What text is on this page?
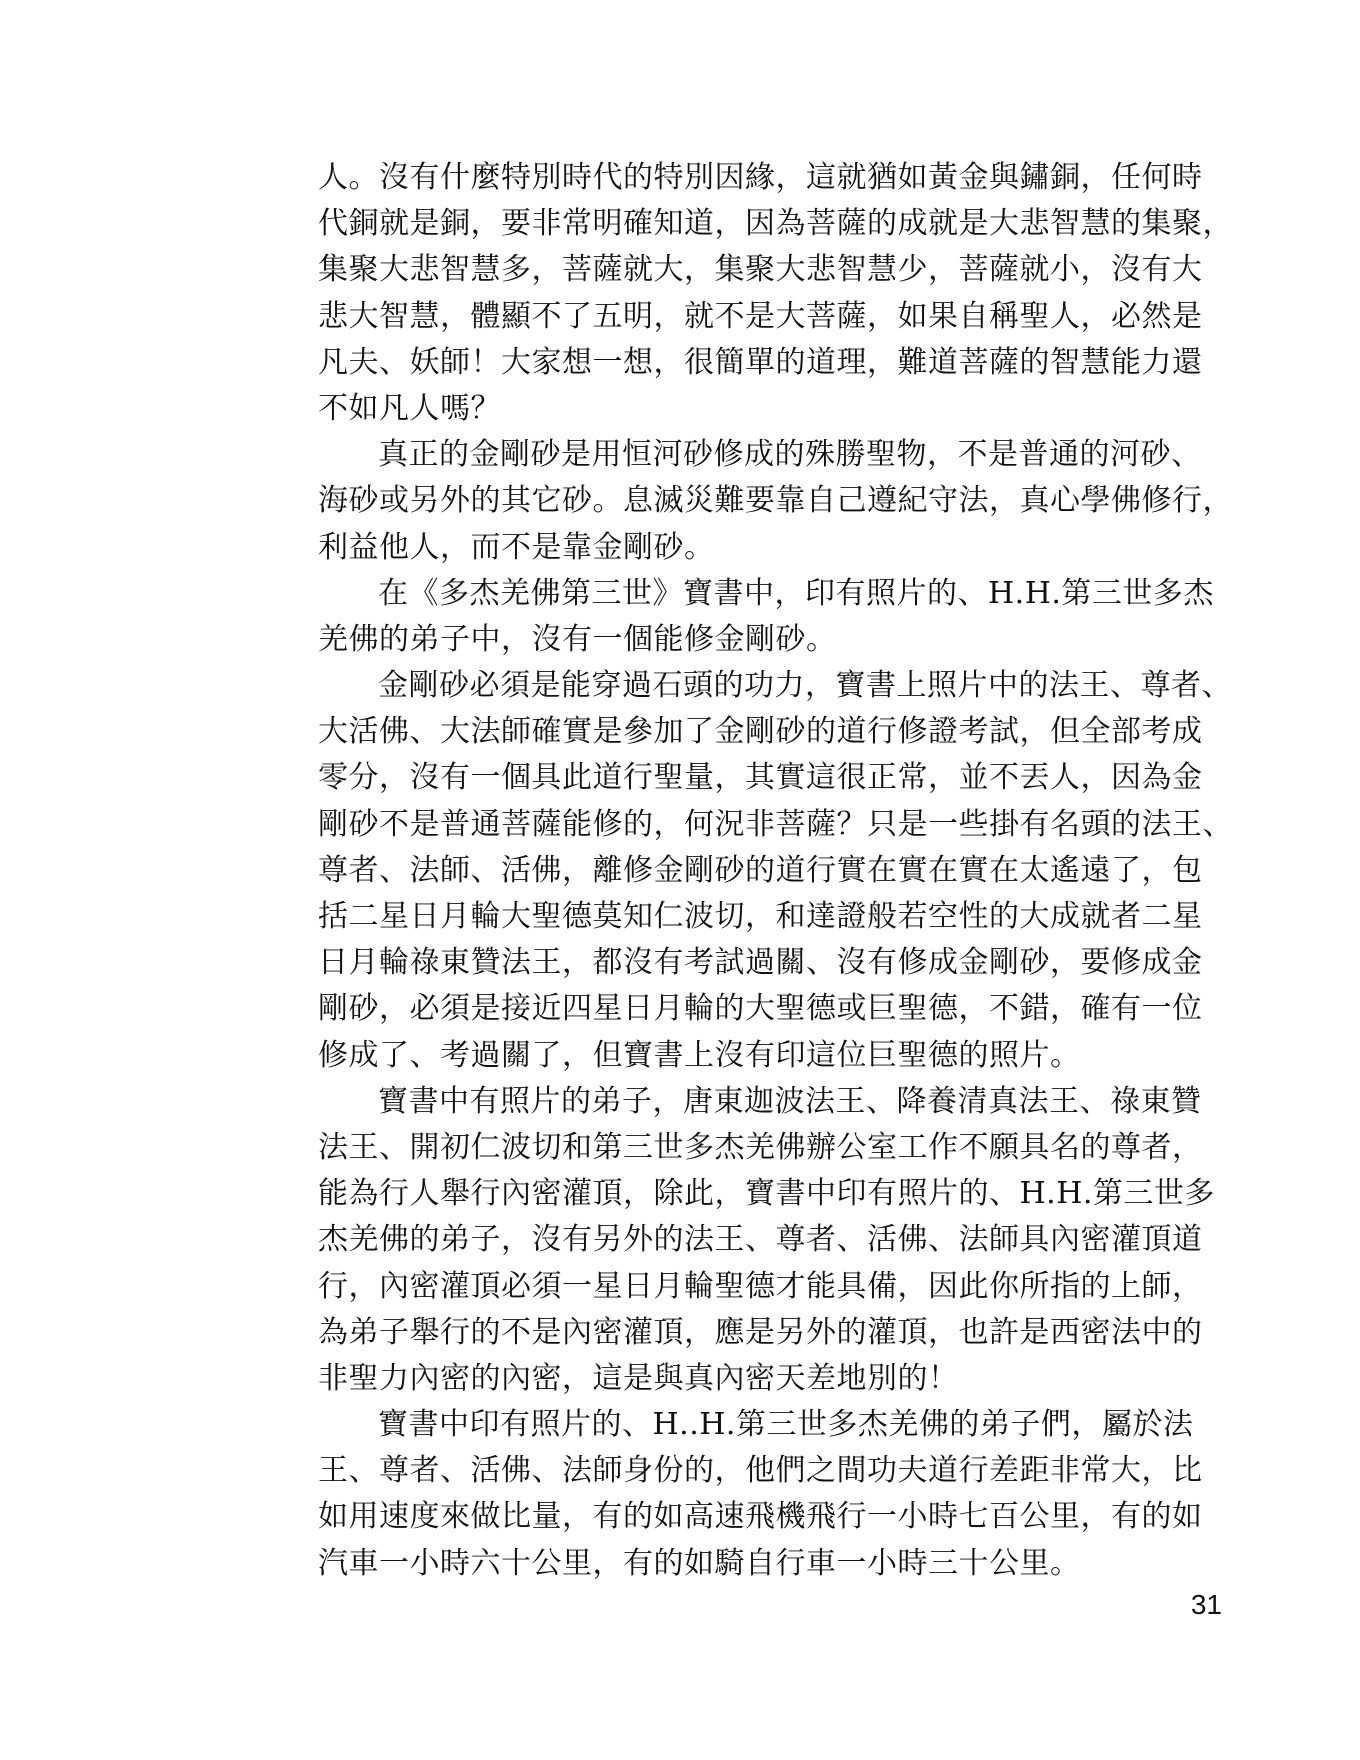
人。沒有什麼特別時代的特別因緣，這就猶如黃金與鏽銅，任何時
代銅就是銅，要非常明確知道，因為菩薩的成就是大悲智慧的集聚，
集聚大悲智慧多，菩薩就大，集聚大悲智慧少，菩薩就小，沒有大
悲大智慧，體顯不了五明，就不是大菩薩，如果自稱聖人，必然是
凡夫、妖師！大家想一想，很簡單的道理，難道菩薩的智慧能力還
不如凡人嗎？
真正的金剛砂是用恒河砂修成的殊勝聖物，不是普通的河砂、
海砂或另外的其它砂。息滅災難要靠自己遵紀守法，真心學佛修行，
利益他人，而不是靠金剛砂。
在《多杰羌佛第三世》寶書中，印有照片的、H.H.第三世多杰
羌佛的弟子中，沒有一個能修金剛砂。
金剛砂必須是能穿過石頭的功力，寶書上照片中的法王、尊者、
大活佛、大法師確實是參加了金剛砂的道行修證考試，但全部考成
零分，沒有一個具此道行聖量，其實這很正常，並不丟人，因為金
剛砂不是普通菩薩能修的，何況非菩薩？只是一些掛有名頭的法王、
尊者、法師、活佛，離修金剛砂的道行實在實在實在太遙遠了，包
括二星日月輪大聖德莫知仁波切，和達證般若空性的大成就者二星
日月輪祿東贊法王，都沒有考試過關、沒有修成金剛砂，要修成金
剛砂，必須是接近四星日月輪的大聖德或巨聖德，不錯，確有一位
修成了、考過關了，但寶書上沒有印這位巨聖德的照片。
寶書中有照片的弟子，唐東迦波法王、降養清真法王、祿東贊
法王、開初仁波切和第三世多杰羌佛辦公室工作不願具名的尊者，
能為行人舉行內密灌頂，除此，寶書中印有照片的、H.H.第三世多
杰羌佛的弟子，沒有另外的法王、尊者、活佛、法師具內密灌頂道
行，內密灌頂必須一星日月輪聖德才能具備，因此你所指的上師，
為弟子舉行的不是內密灌頂，應是另外的灌頂，也許是西密法中的
非聖力內密的內密，這是與真內密天差地別的！
寶書中印有照片的、H..H.第三世多杰羌佛的弟子們，屬於法
王、尊者、活佛、法師身份的，他們之間功夫道行差距非常大，比
如用速度來做比量，有的如高速飛機飛行一小時七百公里，有的如
汽車一小時六十公里，有的如騎自行車一小時三十公里。
31
